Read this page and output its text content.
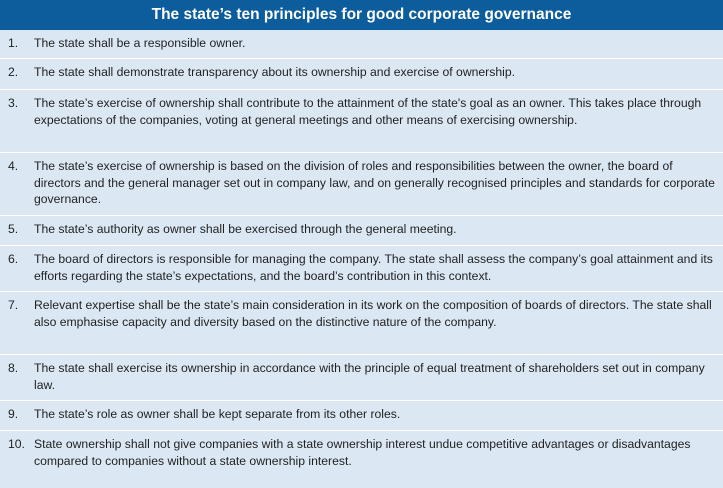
The state’s ten principles for good corporate governance
1.	The state shall be a responsible owner.
2.	The state shall demonstrate transparency about its ownership and exercise of ownership.
3.	The state’s exercise of ownership shall contribute to the attainment of the state's goal as an owner. This takes place through expectations of the companies, voting at general meetings and other means of exercising ownership.
4.	The state’s exercise of ownership is based on the division of roles and responsibilities between the owner, the board of directors and the general manager set out in company law, and on generally recognised principles and standards for corporate governance.
5.	The state’s authority as owner shall be exercised through the general meeting.
6.	The board of directors is responsible for managing the company. The state shall assess the company’s goal attainment and its efforts regarding the state’s expectations, and the board’s contribution in this context.
7.	Relevant expertise shall be the state’s main consideration in its work on the composition of boards of directors. The state shall also emphasise capacity and diversity based on the distinctive nature of the company.
8.	The state shall exercise its ownership in accordance with the principle of equal treatment of shareholders set out in company law.
9.	The state’s role as owner shall be kept separate from its other roles.
10. State ownership shall not give companies with a state ownership interest undue competitive advantages or disadvantages compared to companies without a state ownership interest.
